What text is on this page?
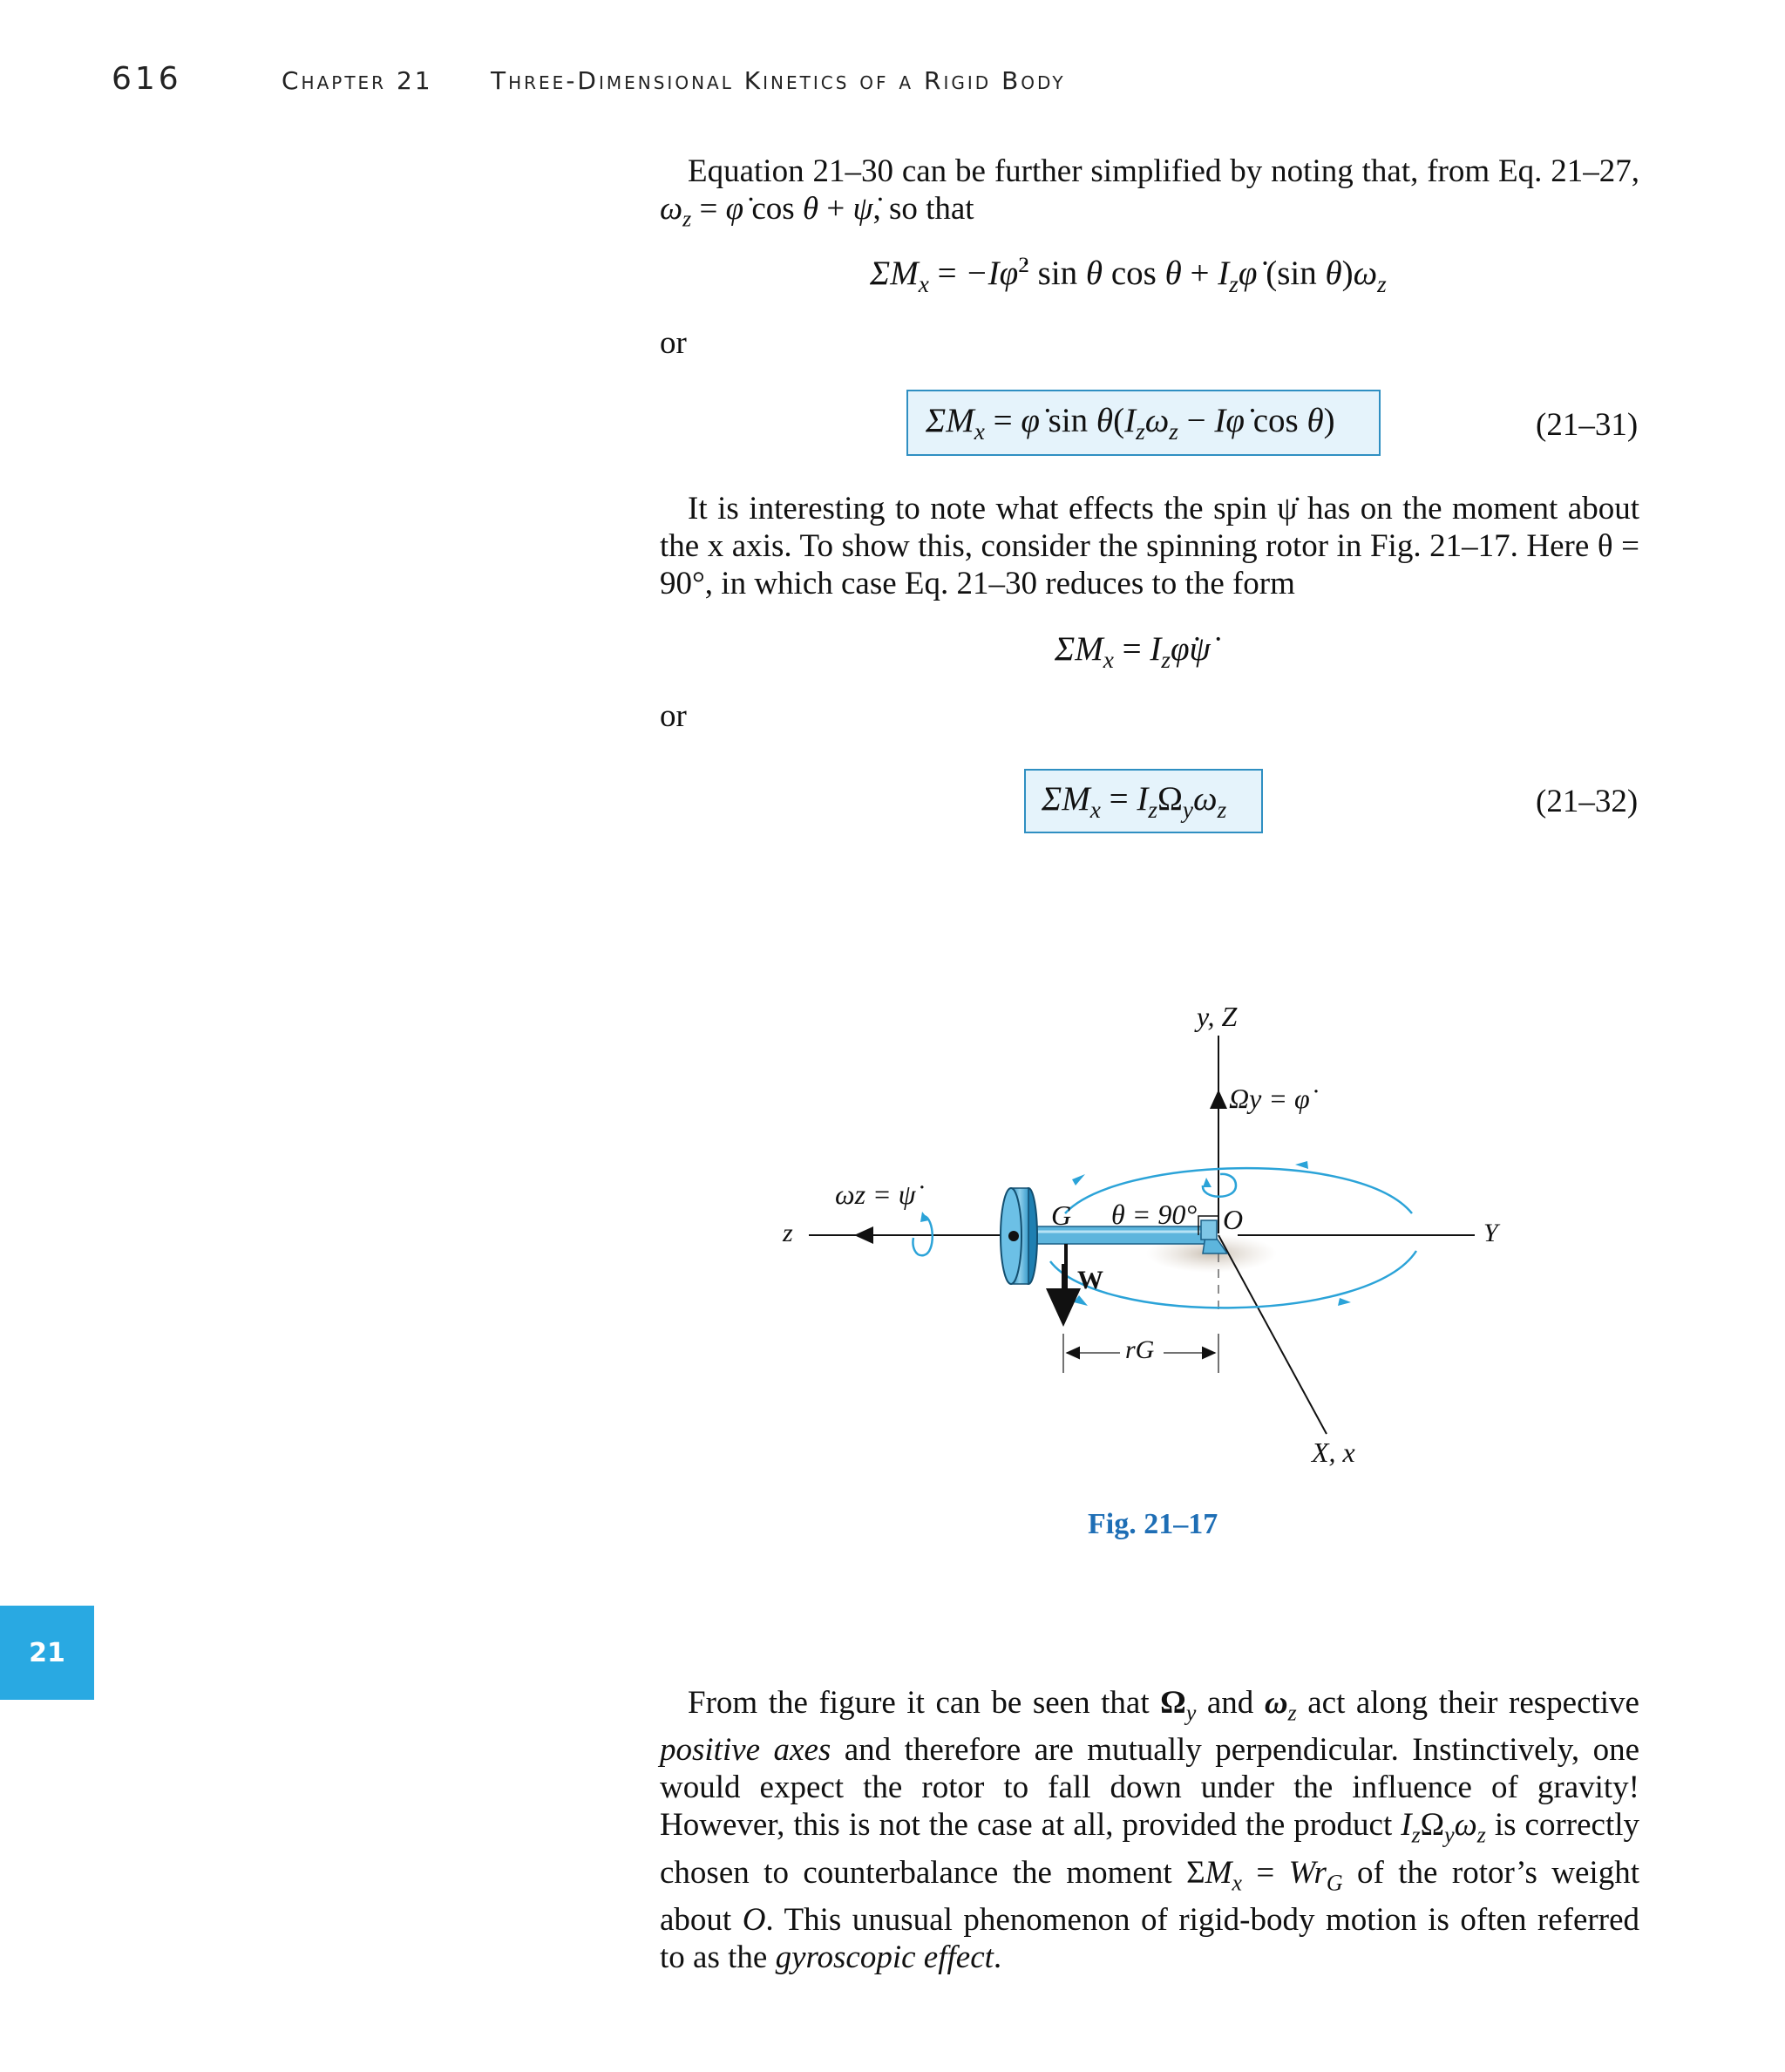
616	Chapter 21 Three-Dimensional Kinetics of a Rigid Body
Equation 21–30 can be further simplified by noting that, from Eq. 21–27, $\omega_z$ = φ̇ cos θ + ψ̇, so that
$\Sigma M_x$ = −Iφ̇$^2$ sin θ $\cos \theta + I_z\varphi̇$ (sin $\theta)\omega_z$
or
$\Sigma M_x$ = φ̇ $\sin \theta(I_z\omega_z$ − Iφ̇ cos θ)	(21–31)
It is interesting to note what effects the spin ψ̇ has on the moment about the x axis. To show this, consider the spinning rotor in Fig. 21–17. Here θ = 90°, in which case Eq. 21–30 reduces to the form
$\Sigma M_x$ = $I_z\varphi̇\psi̇$
or
$\Sigma M_x = I_z\Omega_y\omega_z$	(21–32)
y, Z
Ωy = φ̇
ωz = ψ̇
G θ = 90° O
z	Y
W
rG
X, x
Fig. 21–17
21
From the figure it can be seen that $\Omega_y$ and $\omega_z$ act along their respective positive axes and therefore are mutually perpendicular. Instinctively, one would expect the rotor to fall down under the influence of gravity! However, this is not the case at all, provided the product $I_z\Omega_y\omega_z$ is correctly chosen to counterbalance the moment $\Sigma M_x = Wr_G$ of the rotor’s weight about O. This unusual phenomenon of rigid-body motion is often referred to as the gyroscopic effect.
